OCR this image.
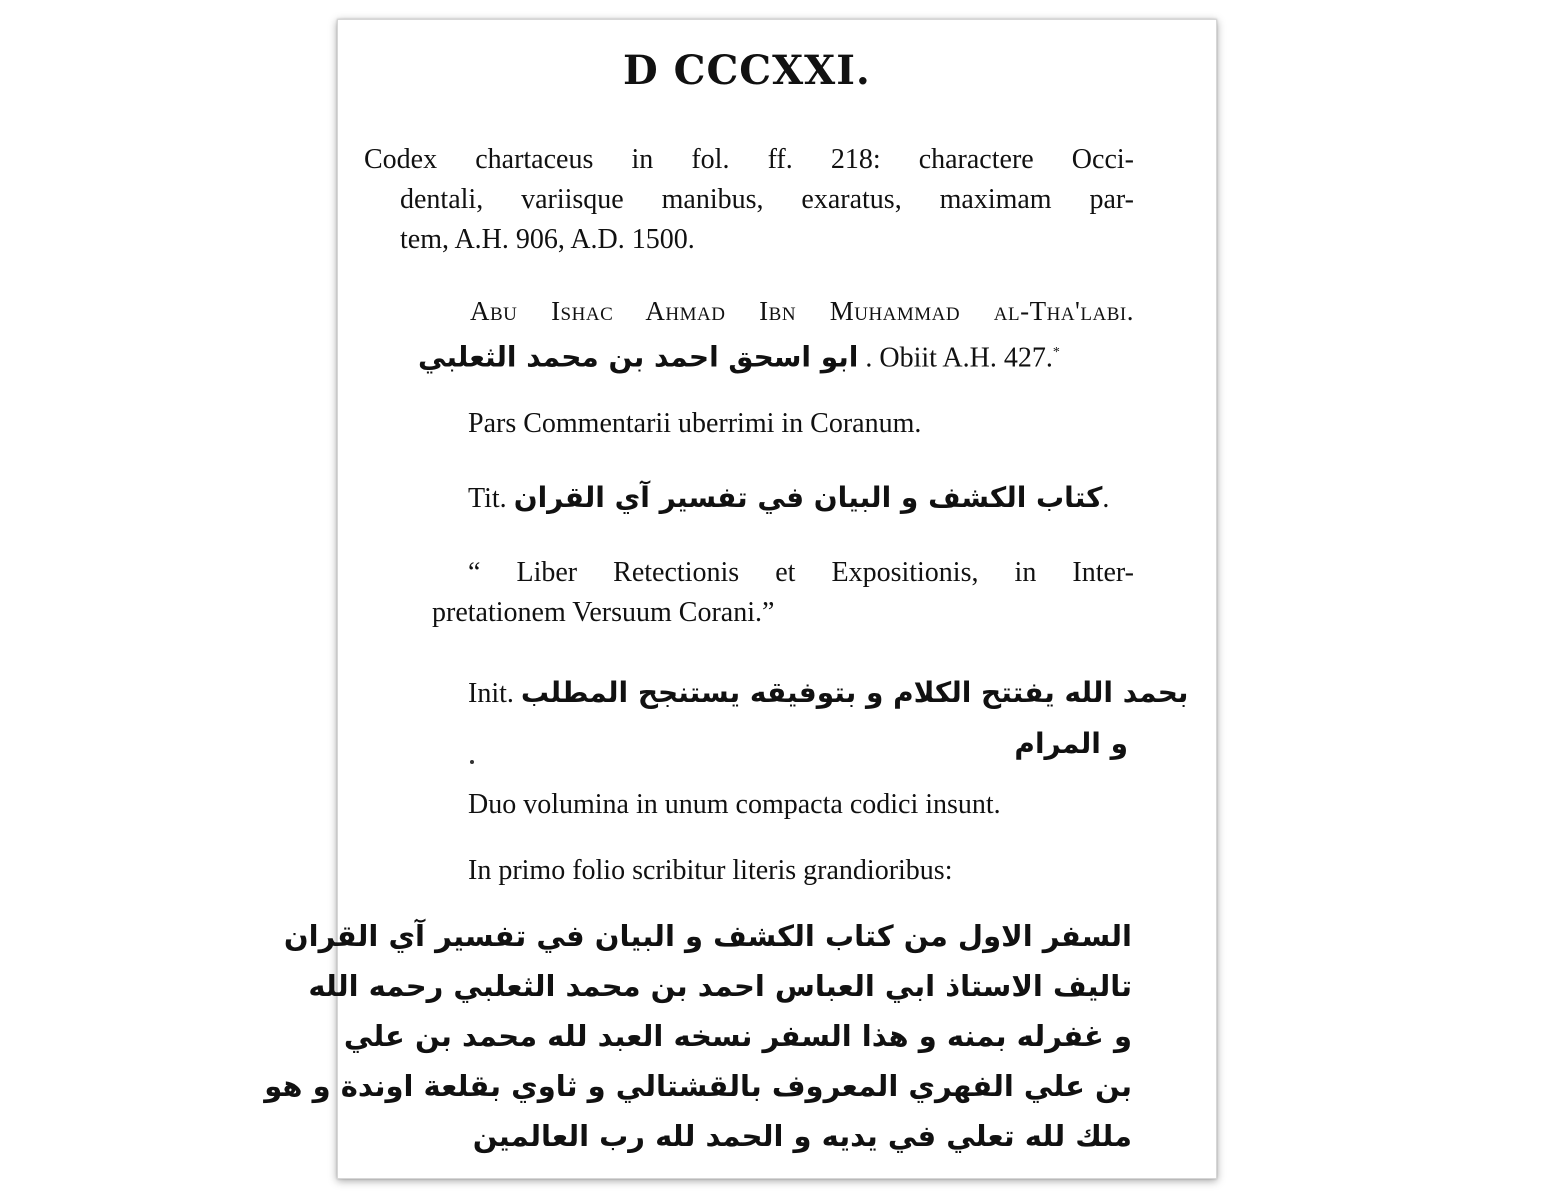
D CCCXXI.
Codex chartaceus in fol. ff. 218: charactere Occi-
dentali, variisque manibus, exaratus, maximam par-
tem, A.H. 906, A.D. 1500.
Abu Ishac Ahmad Ibn Muhammad al-Tha'labi.
ابو اسحق احمد بن محمد الثعلبي . Obiit A.H. 427.*
Pars Commentarii uberrimi in Coranum.
Tit. كتاب الكشف و البيان في تفسير آي القران.
“ Liber Retectionis et Expositionis, in Inter-
pretationem Versuum Corani.”
Init. بحمد الله يفتتح الكلام و بتوفيقه يستنجح المطلب
و المرام
Duo volumina in unum compacta codici insunt.
In primo folio scribitur literis grandioribus:
السفر الاول من كتاب الكشف و البيان في تفسير آي القران
تاليف الاستاذ ابي العباس احمد بن محمد الثعلبي رحمه الله
و غفرله بمنه و هذا السفر نسخه العبد لله محمد بن علي
بن علي الفهري المعروف بالقشتالي و ثاوي بقلعة اوندة و هو
ملك لله تعلي في يديه و الحمد لله رب العالمين
